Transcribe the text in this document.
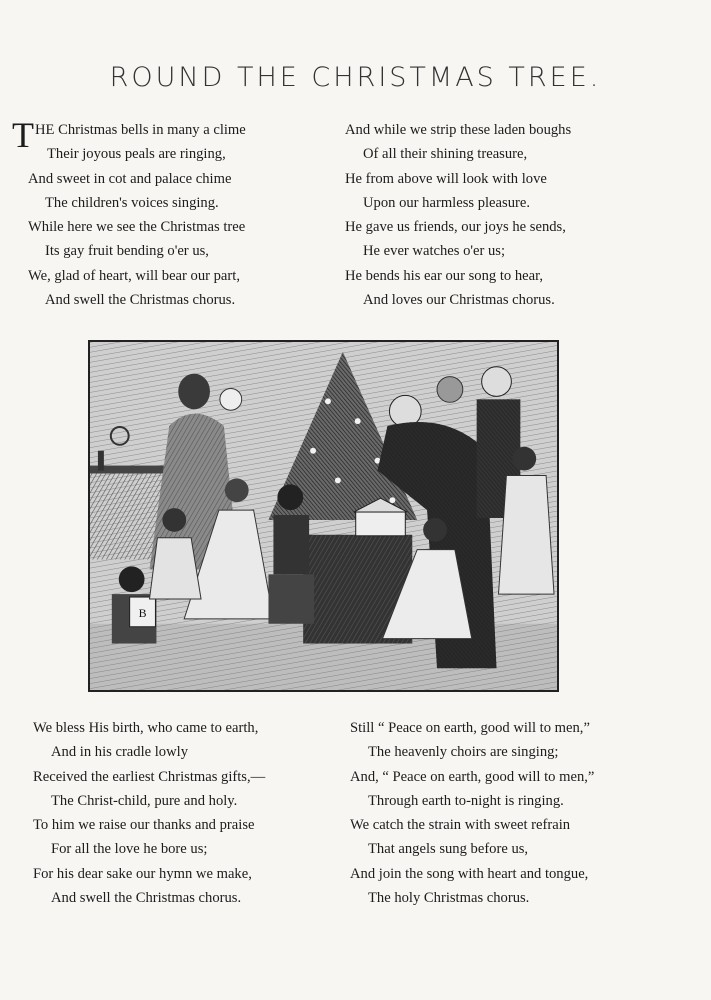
ROUND THE CHRISTMAS TREE.
THE Christmas bells in many a clime
Their joyous peals are ringing,
And sweet in cot and palace chime
The children's voices singing.
While here we see the Christmas tree
Its gay fruit bending o'er us,
We, glad of heart, will bear our part,
And swell the Christmas chorus.
And while we strip these laden boughs
Of all their shining treasure,
He from above will look with love
Upon our harmless pleasure.
He gave us friends, our joys he sends,
He ever watches o'er us;
He bends his ear our song to hear,
And loves our Christmas chorus.
B
We bless His birth, who came to earth,
And in his cradle lowly
Received the earliest Christmas gifts,—
The Christ-child, pure and holy.
To him we raise our thanks and praise
For all the love he bore us;
For his dear sake our hymn we make,
And swell the Christmas chorus.
Still “ Peace on earth, good will to men,”
The heavenly choirs are singing;
And, “ Peace on earth, good will to men,”
Through earth to-night is ringing.
We catch the strain with sweet refrain
That angels sung before us,
And join the song with heart and tongue,
The holy Christmas chorus.
